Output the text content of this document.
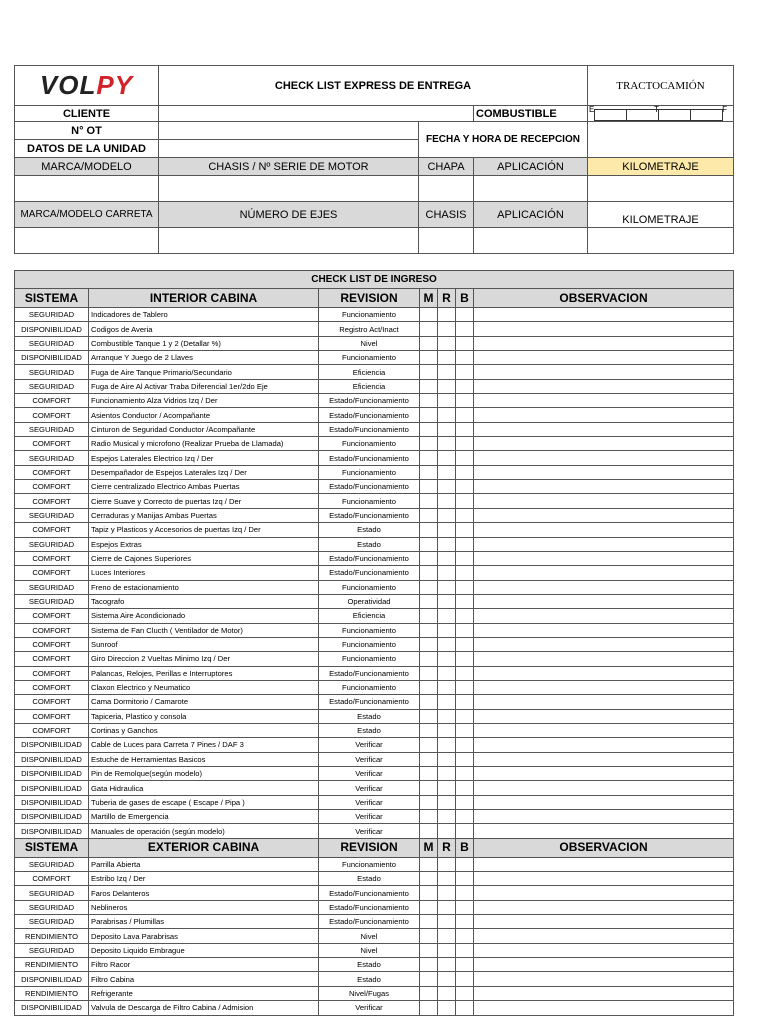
VOLPY	CHECK LIST EXPRESS DE ENTREGA			TRACTOCAMIÓN
CLIENTE			COMBUSTIBLE	E T F

N° OT		FECHA Y HORA DE RECEPCION		
DATOS DE LA UNIDAD				
MARCA/MODELO	CHASIS / Nº SERIE DE MOTOR	CHAPA	APLICACIÓN	KILOMETRAJE

MARCA/MODELO CARRETA	NÚMERO DE EJES	CHASIS	APLICACIÓN	KILOMETRAJE

CHECK LIST DE INGRESO						
SISTEMA	INTERIOR CABINA	REVISION	M	R	B	OBSERVACION
SEGURIDAD	Indicadores de Tablero	Funcionamiento				
DISPONIBILIDAD	Codigos de Averia	Registro Act/Inact				
SEGURIDAD	Combustible Tanque 1 y 2 (Detallar %)	Nivel				
DISPONIBILIDAD	Arranque Y Juego de 2 Llaves	Funcionamiento				
SEGURIDAD	Fuga de Aire Tanque Primario/Secundario	Eficiencia				
SEGURIDAD	Fuga de Aire Al Activar Traba Diferencial 1er/2do Eje	Eficiencia				
COMFORT	Funcionamiento Alza Vidrios Izq / Der	Estado/Funcionamiento				
COMFORT	Asientos Conductor / Acompañante	Estado/Funcionamiento				
SEGURIDAD	Cinturon de Seguridad Conductor /Acompañante	Estado/Funcionamiento				
COMFORT	Radio Musical y microfono (Realizar Prueba de Llamada)	Funcionamiento				
SEGURIDAD	Espejos Laterales Electrico Izq / Der	Estado/Funcionamiento				
COMFORT	Desempañador de Espejos Laterales Izq / Der	Funcionamiento				
COMFORT	Cierre centralizado Electrico Ambas Puertas	Estado/Funcionamiento				
COMFORT	Cierre Suave y Correcto de puertas Izq / Der	Funcionamiento				
SEGURIDAD	Cerraduras y Manijas Ambas Puertas	Estado/Funcionamiento				
COMFORT	Tapiz y Plasticos y Accesorios de puertas Izq / Der	Estado				
SEGURIDAD	Espejos Extras	Estado				
COMFORT	Cierre de Cajones Superiores	Estado/Funcionamiento				
COMFORT	Luces Interiores	Estado/Funcionamiento				
SEGURIDAD	Freno de estacionamiento	Funcionamiento				
SEGURIDAD	Tacografo	Operatividad				
COMFORT	Sistema Aire Acondicionado	Eficiencia				
COMFORT	Sistema de Fan Clucth ( Ventilador de Motor)	Funcionamiento				
COMFORT	Sunroof	Funcionamiento				
COMFORT	Giro Direccion 2 Vueltas Minimo Izq / Der	Funcionamiento				
COMFORT	Palancas, Relojes, Perillas e Interruptores	Estado/Funcionamiento				
COMFORT	Claxon Electrico y Neumatico	Funcionamiento				
COMFORT	Cama Dormitorio / Camarote	Estado/Funcionamiento				
COMFORT	Tapiceria, Plastico y consola	Estado				
COMFORT	Cortinas y Ganchos	Estado				
DISPONIBILIDAD	Cable de Luces para Carreta 7 Pines / DAF 3	Verificar				
DISPONIBILIDAD	Estuche de Herramientas Basicos	Verificar				
DISPONIBILIDAD	Pin de Remolque(según modelo)	Verificar				
DISPONIBILIDAD	Gata Hidraulica	Verificar				
DISPONIBILIDAD	Tuberia de gases de escape ( Escape / Pipa )	Verificar				
DISPONIBILIDAD	Martillo de Emergencia	Verificar				
DISPONIBILIDAD	Manuales de operación (según modelo)	Verificar				
SISTEMA	EXTERIOR CABINA	REVISION	M	R	B	OBSERVACION
SEGURIDAD	Parrilla Abierta	Funcionamiento				
COMFORT	Estribo Izq / Der	Estado				
SEGURIDAD	Faros Delanteros	Estado/Funcionamiento				
SEGURIDAD	Neblineros	Estado/Funcionamiento				
SEGURIDAD	Parabrisas / Plumillas	Estado/Funcionamiento				
RENDIMIENTO	Deposito Lava Parabrisas	Nivel				
SEGURIDAD	Deposito Liquido Embrague	Nivel				
RENDIMIENTO	Filtro Racor	Estado				
DISPONIBILIDAD	Filtro Cabina	Estado				
RENDIMIENTO	Refrigerante	Nivel/Fugas				
DISPONIBILIDAD	Valvula de Descarga de Filtro Cabina / Admision	Verificar				
